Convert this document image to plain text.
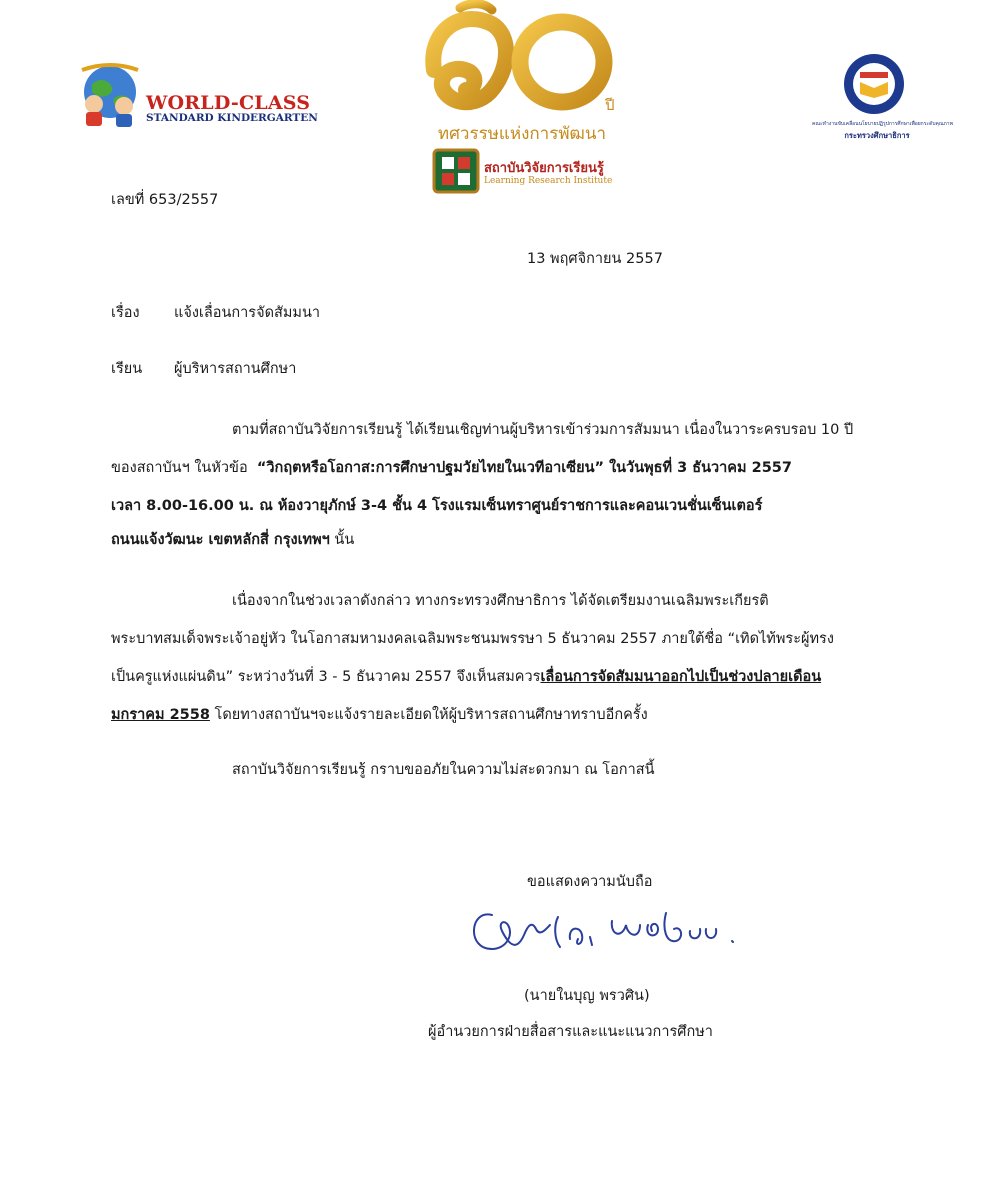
WORLD-CLASS
STANDARD KINDERGARTEN
ปี
ทศวรรษแห่งการพัฒนา
สถาบันวิจัยการเรียนรู้
Learning Research Institute
คณะทำงานขับเคลื่อนนโยบายปฏิรูปการศึกษาเพื่อยกระดับคุณภาพ
กระทรวงศึกษาธิการ
เลขที่ 653/2557
13 พฤศจิกายน 2557
เรื่อง แจ้งเลื่อนการจัดสัมมนา
เรียน ผู้บริหารสถานศึกษา
ตามที่สถาบันวิจัยการเรียนรู้ ได้เรียนเชิญท่านผู้บริหารเข้าร่วมการสัมมนา เนื่องในวาระครบรอบ 10 ปี
ของสถาบันฯ ในหัวข้อ “วิกฤตหรือโอกาส:การศึกษาปฐมวัยไทยในเวทีอาเซียน” ในวันพุธที่ 3 ธันวาคม 2557
เวลา 8.00-16.00 น. ณ ห้องวายุภักษ์ 3-4 ชั้น 4 โรงแรมเซ็นทราศูนย์ราชการและคอนเวนชั่นเซ็นเตอร์
ถนนแจ้งวัฒนะ เขตหลักสี่ กรุงเทพฯ นั้น
เนื่องจากในช่วงเวลาดังกล่าว ทางกระทรวงศึกษาธิการ ได้จัดเตรียมงานเฉลิมพระเกียรติ
พระบาทสมเด็จพระเจ้าอยู่หัว ในโอกาสมหามงคลเฉลิมพระชนมพรรษา 5 ธันวาคม 2557 ภายใต้ชื่อ “เทิดไท้พระผู้ทรง
เป็นครูแห่งแผ่นดิน” ระหว่างวันที่ 3 - 5 ธันวาคม 2557 จึงเห็นสมควรเลื่อนการจัดสัมมนาออกไปเป็นช่วงปลายเดือน
มกราคม 2558 โดยทางสถาบันฯจะแจ้งรายละเอียดให้ผู้บริหารสถานศึกษาทราบอีกครั้ง
สถาบันวิจัยการเรียนรู้ กราบขออภัยในความไม่สะดวกมา ณ โอกาสนี้
ขอแสดงความนับถือ
(นายในบุญ พรวศิน)
ผู้อำนวยการฝ่ายสื่อสารและแนะแนวการศึกษา
